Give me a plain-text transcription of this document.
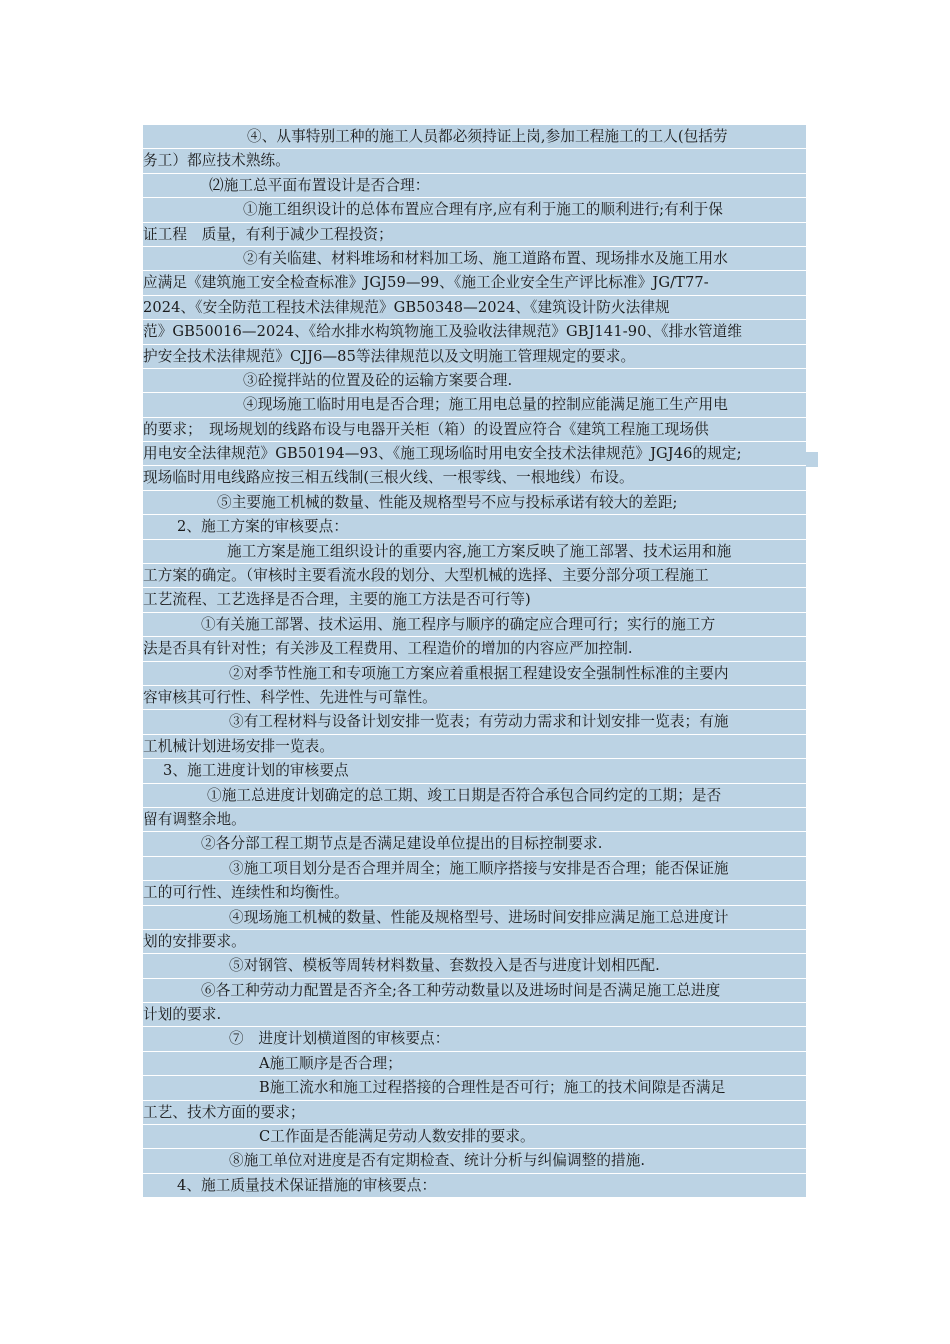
④、从事特别工种的施工人员都必须持证上岗,参加工程施工的工人(包括劳
务工）都应技术熟练。
⑵施工总平面布置设计是否合理：
①施工组织设计的总体布置应合理有序,应有利于施工的顺利进行;有利于保
证工程　质量，有利于减少工程投资；
②有关临建、材料堆场和材料加工场、施工道路布置、现场排水及施工用水
应满足《建筑施工安全检查标准》JGJ59—99、《施工企业安全生产评比标准》JG/T77-
2024、《安全防范工程技术法律规范》GB50348—2024、《建筑设计防火法律规
范》GB50016—2024、《给水排水构筑物施工及验收法律规范》GBJ141-90、《排水管道维
护安全技术法律规范》CJJ6—85等法律规范以及文明施工管理规定的要求。
③砼搅拌站的位置及砼的运输方案要合理.
④现场施工临时用电是否合理；施工用电总量的控制应能满足施工生产用电
的要求；　现场规划的线路布设与电器开关柜（箱）的设置应符合《建筑工程施工现场供
用电安全法律规范》GB50194—93、《施工现场临时用电安全技术法律规范》JGJ46的规定;
现场临时用电线路应按三相五线制(三根火线、一根零线、一根地线）布设。
⑤主要施工机械的数量、性能及规格型号不应与投标承诺有较大的差距;
2、施工方案的审核要点：
施工方案是施工组织设计的重要内容,施工方案反映了施工部署、技术运用和施
工方案的确定。（审核时主要看流水段的划分、大型机械的选择、主要分部分项工程施工
工艺流程、工艺选择是否合理，主要的施工方法是否可行等)
①有关施工部署、技术运用、施工程序与顺序的确定应合理可行；实行的施工方
法是否具有针对性；有关涉及工程费用、工程造价的增加的内容应严加控制.
②对季节性施工和专项施工方案应着重根据工程建设安全强制性标准的主要内
容审核其可行性、科学性、先进性与可靠性。
③有工程材料与设备计划安排一览表；有劳动力需求和计划安排一览表；有施
工机械计划进场安排一览表。
3、施工进度计划的审核要点
①施工总进度计划确定的总工期、竣工日期是否符合承包合同约定的工期；是否
留有调整余地。
②各分部工程工期节点是否满足建设单位提出的目标控制要求.
③施工项目划分是否合理并周全；施工顺序搭接与安排是否合理；能否保证施
工的可行性、连续性和均衡性。
④现场施工机械的数量、性能及规格型号、进场时间安排应满足施工总进度计
划的安排要求。
⑤对钢管、模板等周转材料数量、套数投入是否与进度计划相匹配.
⑥各工种劳动力配置是否齐全;各工种劳动数量以及进场时间是否满足施工总进度
计划的要求.
⑦　进度计划横道图的审核要点：
A施工顺序是否合理；
B施工流水和施工过程搭接的合理性是否可行；施工的技术间隙是否满足
工艺、技术方面的要求；
C工作面是否能满足劳动人数安排的要求。
⑧施工单位对进度是否有定期检查、统计分析与纠偏调整的措施.
4、施工质量技术保证措施的审核要点：
